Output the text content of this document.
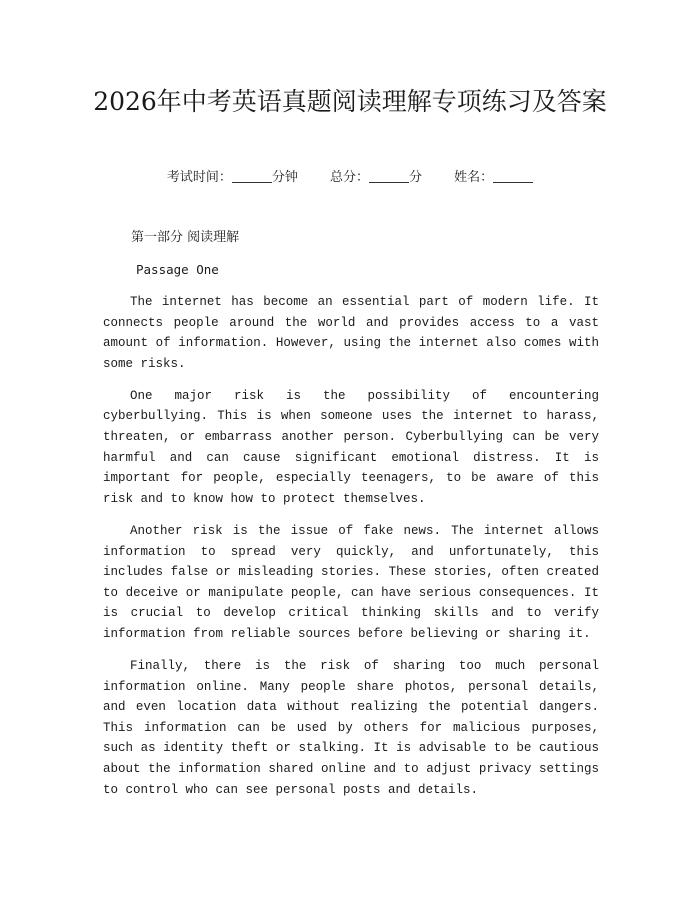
2026年中考英语真题阅读理解专项练习及答案
考试时间：	分钟 总分：	分 姓名：
第一部分 阅读理解
Passage One

The internet has become an essential part of modern life. It connects people around the world and provides access to a vast amount of information. However, using the internet also comes with some risks.

One major risk is the possibility of encountering cyberbullying. This is when someone uses the internet to harass, threaten, or embarrass another person. Cyberbullying can be very harmful and can cause significant emotional distress. It is important for people, especially teenagers, to be aware of this risk and to know how to protect themselves.

Another risk is the issue of fake news. The internet allows information to spread very quickly, and unfortunately, this includes false or misleading stories. These stories, often created to deceive or manipulate people, can have serious consequences. It is crucial to develop critical thinking skills and to verify information from reliable sources before believing or sharing it.

Finally, there is the risk of sharing too much personal information online. Many people share photos, personal details, and even location data without realizing the potential dangers. This information can be used by others for malicious purposes, such as identity theft or stalking. It is advisable to be cautious about the information shared online and to adjust privacy settings to control who can see personal posts and details.
